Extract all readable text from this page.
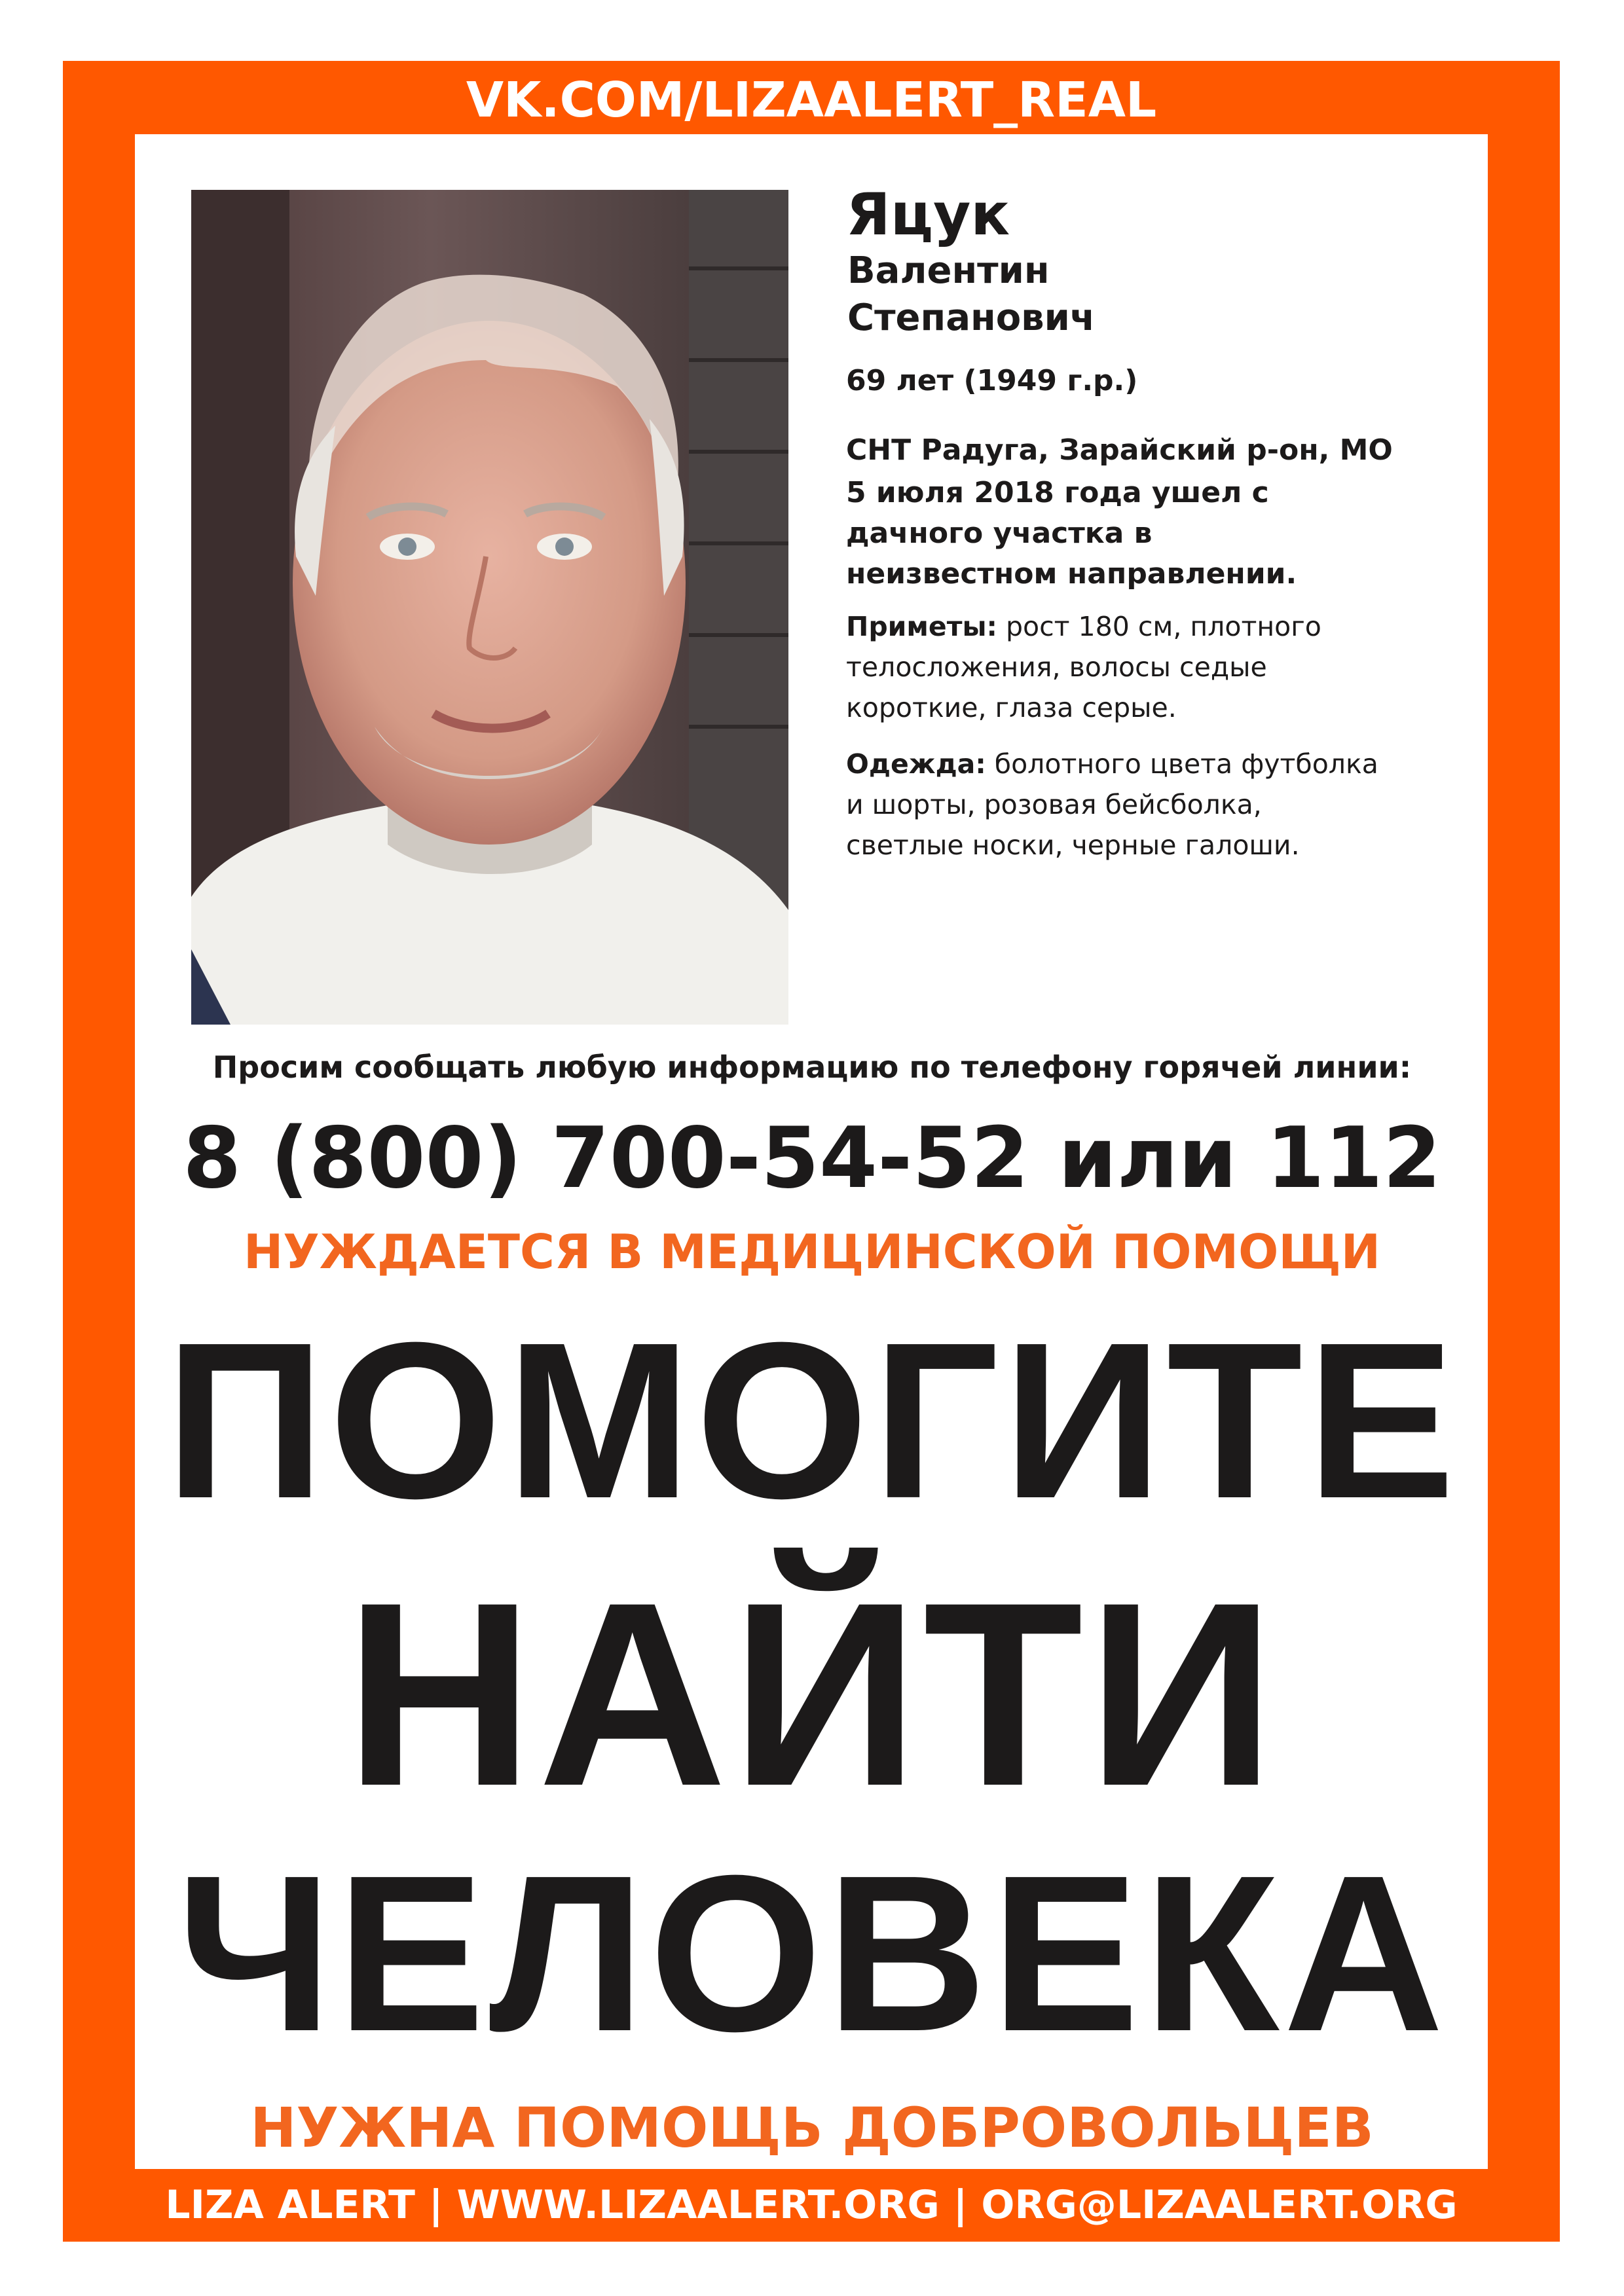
VK.COM/LIZAALERT_REAL
LIZA ALERT | WWW.LIZAALERT.ORG | ORG@LIZAALERT.ORG

Яцук

Валентин

Степанович

69 лет (1949 г.р.)

СНТ Радуга, Зарайский р-он, МО

5 июля 2018 года ушел с

дачного участка в

неизвестном направлении.

Приметы: рост 180 см, плотного
телосложения, волосы седые
короткие, глаза серые.
Одежда: болотного цвета футболка
и шорты, розовая бейсболка,
светлые носки, черные галоши.
Просим сообщать любую информацию по телефону горячей линии:
8 (800) 700-54-52 или 112
НУЖДАЕТСЯ В МЕДИЦИНСКОЙ ПОМОЩИ
ПОМОГИТЕ
НАЙТИ
ЧЕЛОВЕКА
НУЖНА ПОМОЩЬ ДОБРОВОЛЬЦЕВ
